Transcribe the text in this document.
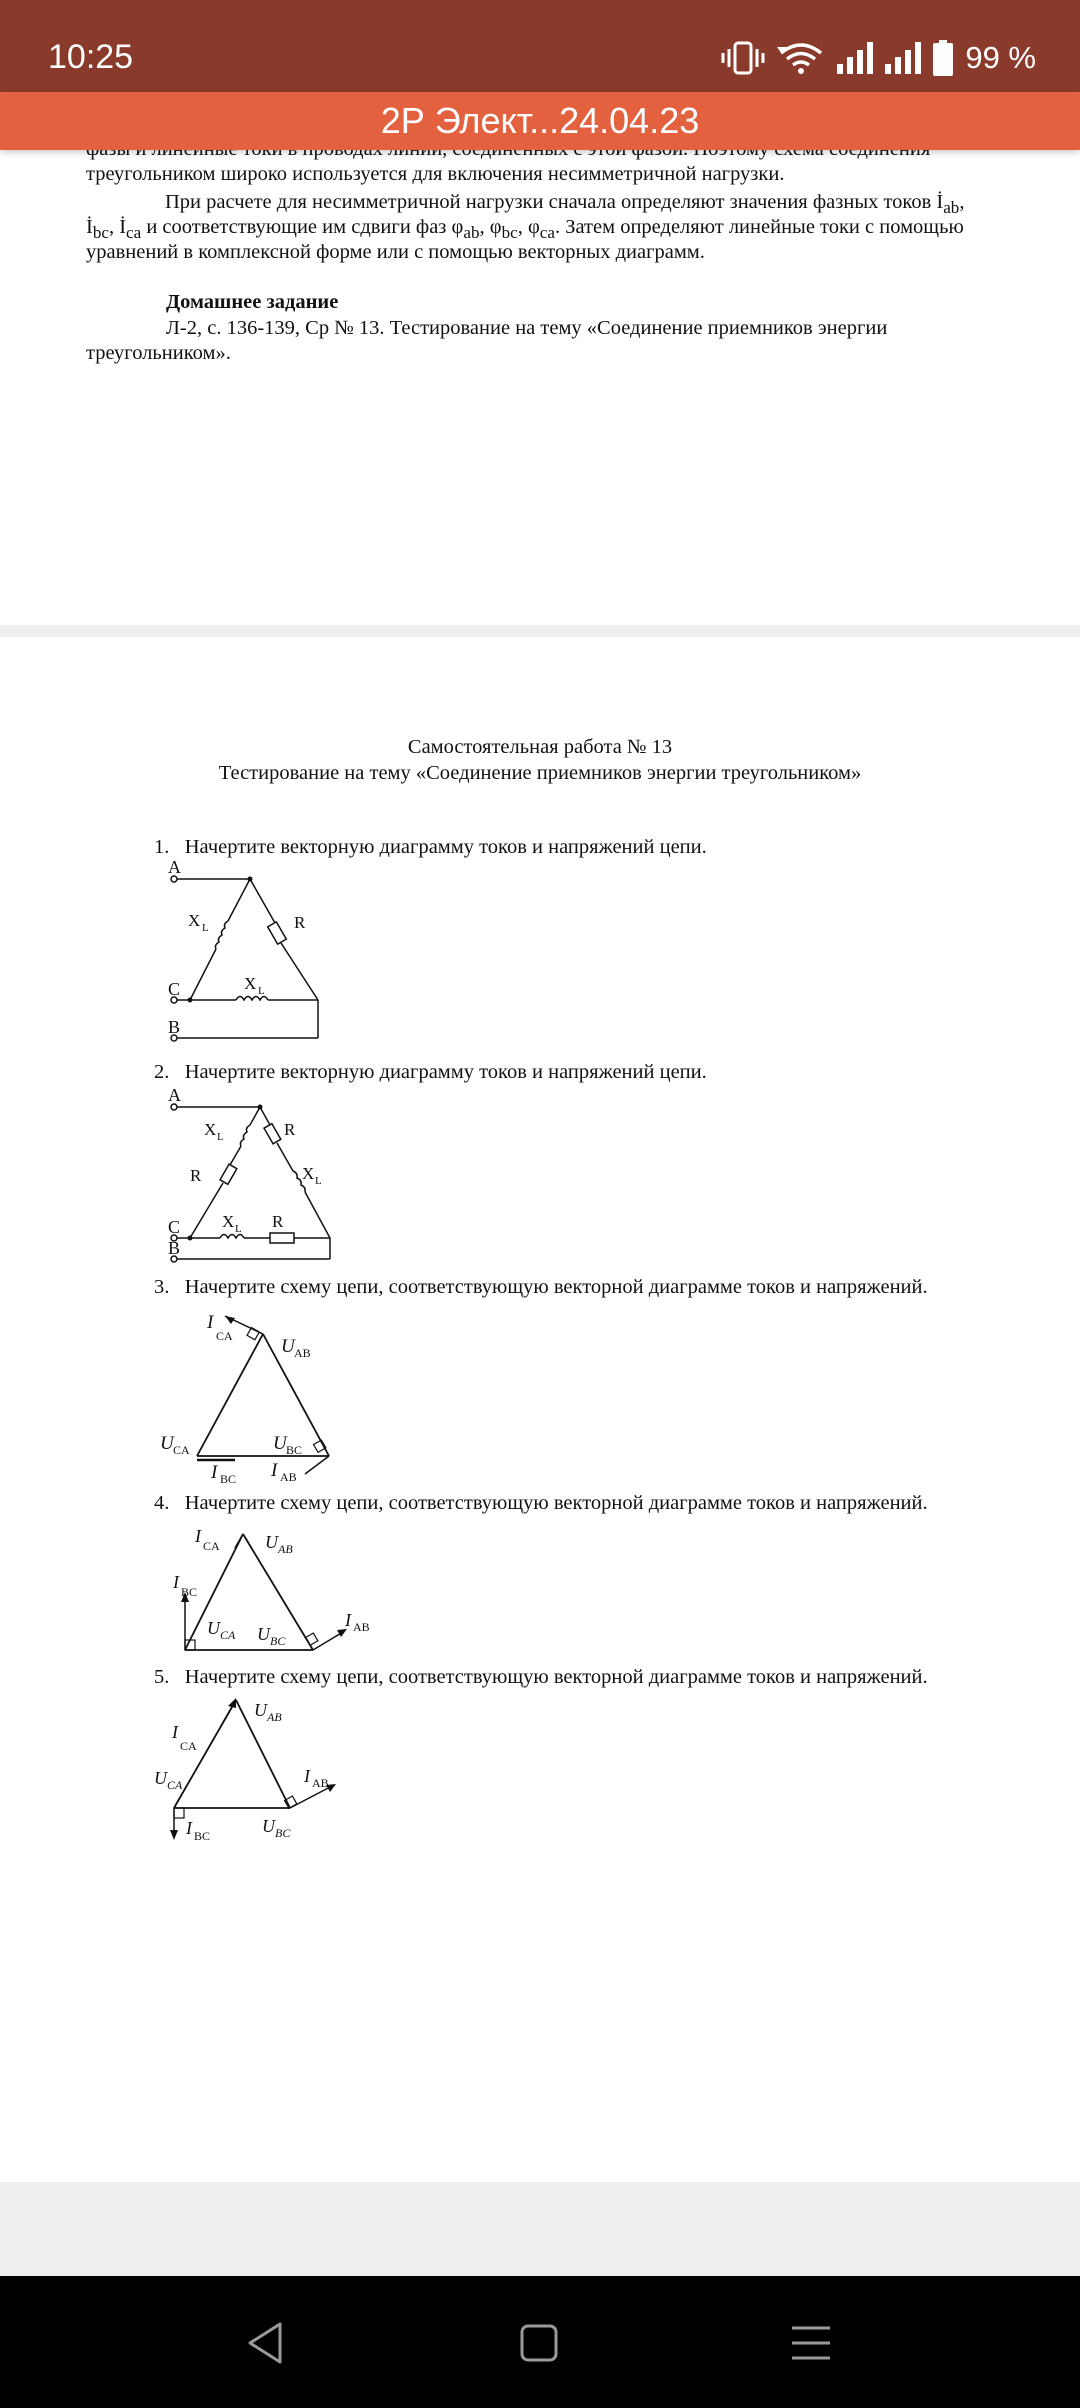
10:25	99 %
2Р Элект...24.04.23
треугольником широко используется для включения несимметричной нагрузки.
При расчете для несимметричной нагрузки сначала определяют значения фазных токов $İ_{ab}$,
$İ_{bc}$, $İ_{ca}$ и соответствующие им сдвиги фаз $\varphi_{ab}$, $\varphi_{bc}$, $\varphi_{ca}$. Затем определяют линейные токи с помощью
уравнений в комплексной форме или с помощью векторных диаграмм.
Домашнее задание
Л-2, с. 136-139, Ср № 13. Тестирование на тему «Соединение приемников энергии
треугольником».
Самостоятельная работа № 13
Тестирование на тему «Соединение приемников энергии треугольником»
1. Начертите векторную диаграмму токов и напряжений цепи.
A
X L	R
C	X L
B
2. Начертите векторную диаграмму токов и напряжений цепи.
A
X L
R
R
X L
C X L R
B
3. Начертите схему цепи, соответствующую векторной диаграмме токов и напряжений.
I
CA	U AB
U CA	U BC
I BC I AB
4. Начертите схему цепи, соответствующую векторной диаграмме токов и напряжений.
I CA	U AB
I BC
U CA U BC
I AB
5. Начертите схему цепи, соответствующую векторной диаграмме токов и напряжений.
U AB
I
CA
U CA	I AB
U BC
I BC
